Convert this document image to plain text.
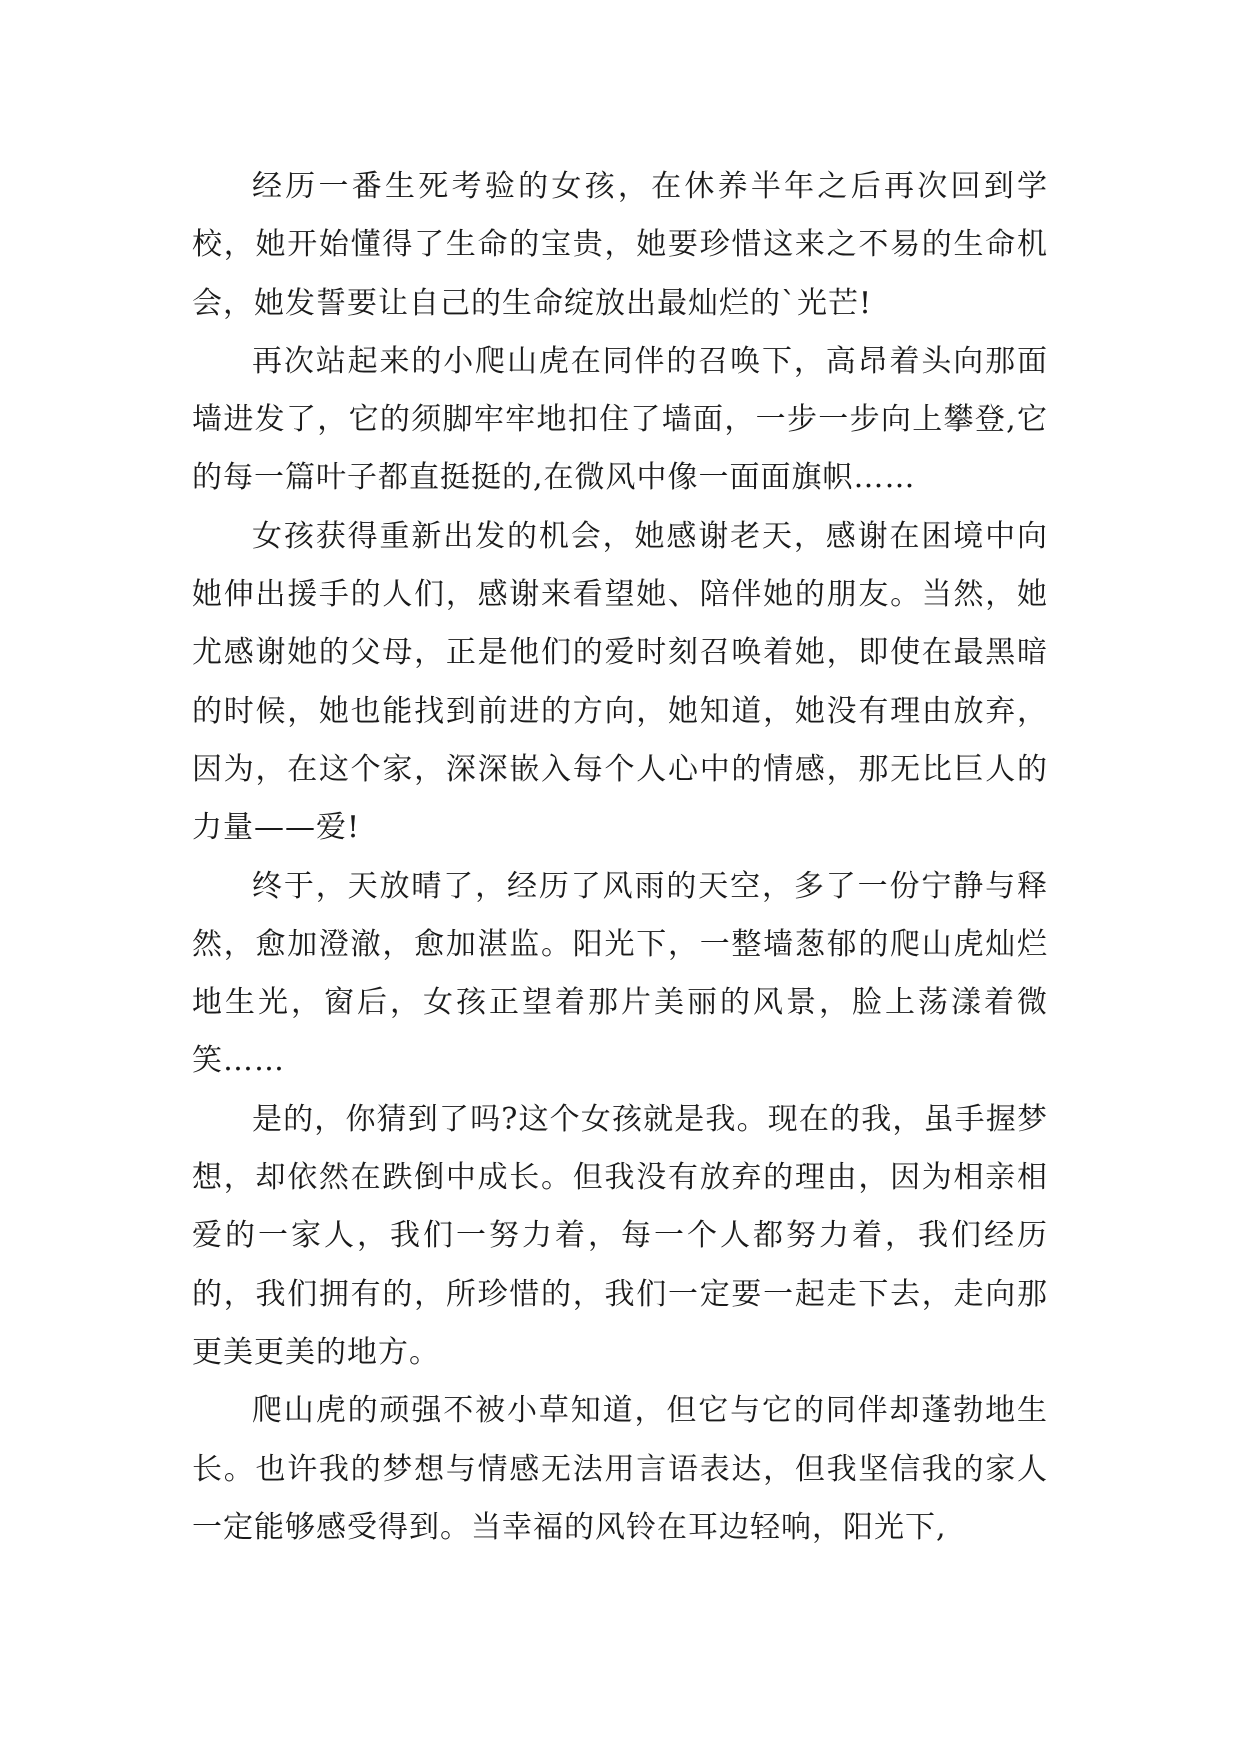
经历一番生死考验的女孩，在休养半年之后再次回到学校，她开始懂得了生命的宝贵，她要珍惜这来之不易的生命机会，她发誓要让自己的生命绽放出最灿烂的`光芒!

再次站起来的小爬山虎在同伴的召唤下，高昂着头向那面墙进发了，它的须脚牢牢地扣住了墙面，一步一步向上攀登,它的每一篇叶子都直挺挺的,在微风中像一面面旗帜……

女孩获得重新出发的机会，她感谢老天，感谢在困境中向她伸出援手的人们，感谢来看望她、陪伴她的朋友。当然，她尤感谢她的父母，正是他们的爱时刻召唤着她，即使在最黑暗的时候，她也能找到前进的方向，她知道，她没有理由放弃，因为，在这个家，深深嵌入每个人心中的情感，那无比巨人的力量——爱!

终于，天放晴了，经历了风雨的天空，多了一份宁静与释然，愈加澄澈，愈加湛监。阳光下，一整墙葱郁的爬山虎灿烂地生光，窗后，女孩正望着那片美丽的风景，脸上荡漾着微笑……

是的，你猜到了吗?这个女孩就是我。现在的我，虽手握梦想，却依然在跌倒中成长。但我没有放弃的理由，因为相亲相爱的一家人，我们一努力着，每一个人都努力着，我们经历的，我们拥有的，所珍惜的，我们一定要一起走下去，走向那更美更美的地方。

爬山虎的顽强不被小草知道，但它与它的同伴却蓬勃地生长。也许我的梦想与情感无法用言语表达，但我坚信我的家人一定能够感受得到。当幸福的风铃在耳边轻响，阳光下,
